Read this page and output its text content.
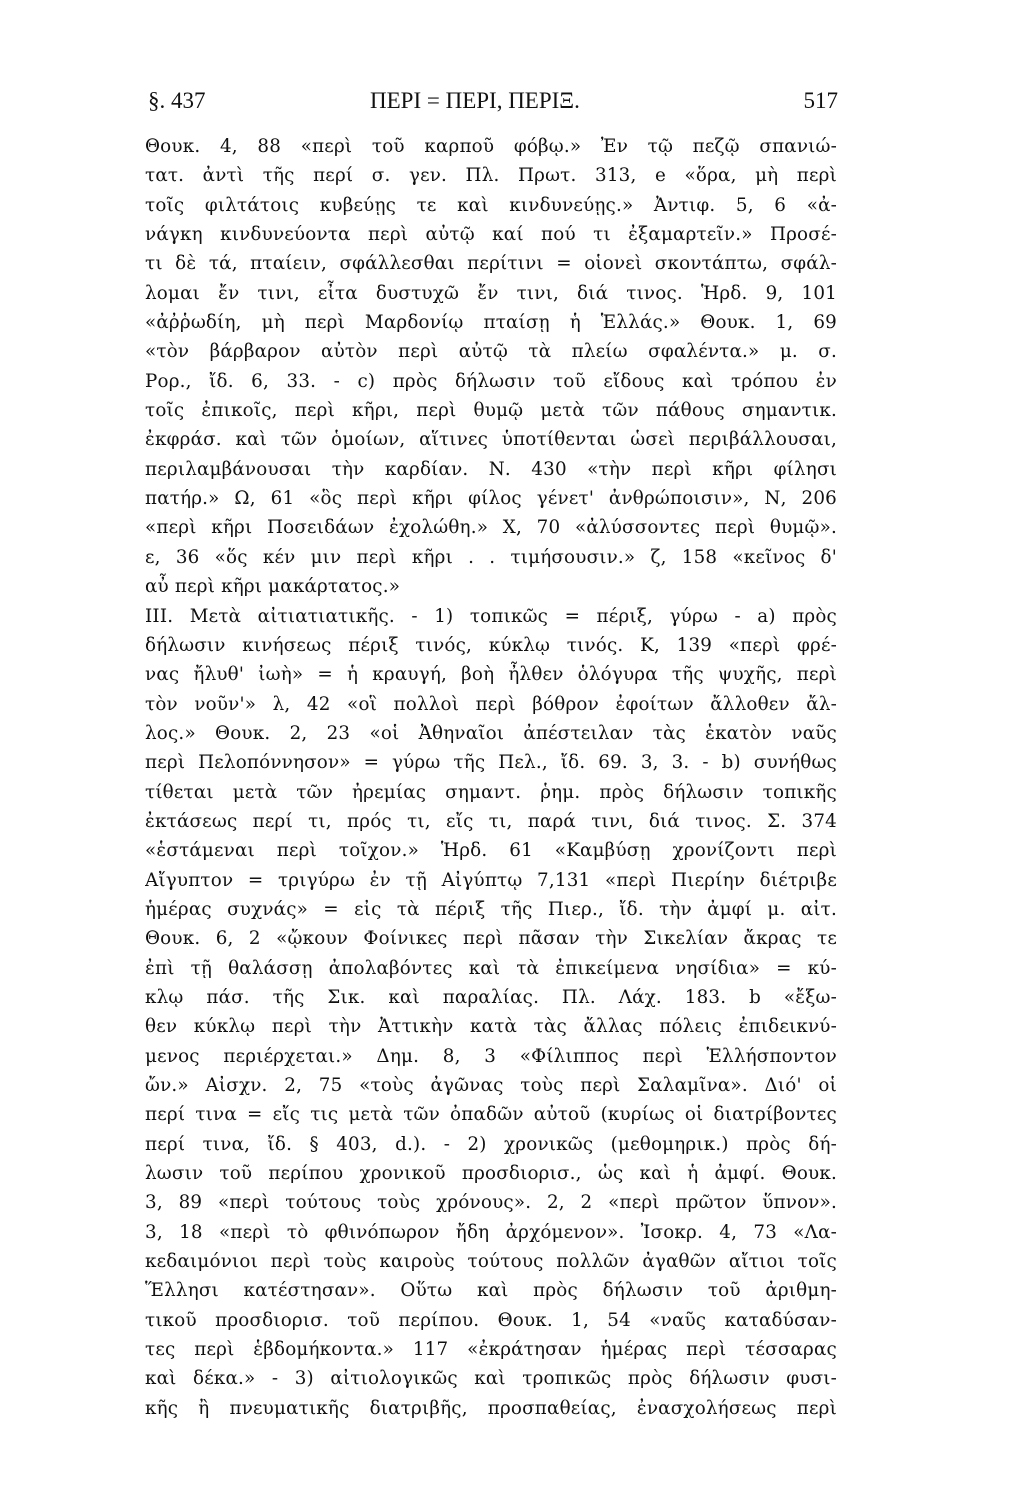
§. 437	ΠΕΡΙ = ΠΕΡΙ, ΠΕΡΙΞ.	517
Θουκ. 4, 88 «περὶ τοῦ καρποῦ φόβῳ.» Ἐν τῷ πεζῷ σπανιώ-
τατ. ἀντὶ τῆς περί σ. γεν. Πλ. Πρωτ. 313, e «ὅρα, μὴ περὶ
τοῖς φιλτάτοις κυβεύῃς τε καὶ κινδυνεύῃς.» Ἀντιφ. 5, 6 «ἀ-
νάγκη κινδυνεύοντα περὶ αὐτῷ καί πού τι ἐξαμαρτεῖν.» Προσέ-
τι δὲ τά, πταίειν, σφάλλεσθαι περίτινι = οἱονεὶ σκοντάπτω, σφάλ-
λομαι ἔν τινι, εἶτα δυστυχῶ ἔν τινι, διά τινος. Ἡρδ. 9, 101
«ἀῤῥωδίη, μὴ περὶ Μαρδονίῳ πταίσῃ ἡ Ἑλλάς.» Θουκ. 1, 69
«τὸν βάρβαρον αὐτὸν περὶ αὐτῷ τὰ πλείω σφαλέντα.» μ. σ.
Ρορ., ἴδ. 6, 33. - c) πρὸς δήλωσιν τοῦ εἴδους καὶ τρόπου ἐν
τοῖς ἐπικοῖς, περὶ κῆρι, περὶ θυμῷ μετὰ τῶν πάθους σημαντικ.
ἐκφράσ. καὶ τῶν ὁμοίων, αἵτινες ὑποτίθενται ὡσεὶ περιβάλλουσαι,
περιλαμβάνουσαι τὴν καρδίαν. Ν. 430 «τὴν περὶ κῆρι φίλησι
πατήρ.» Ω, 61 «ὃς περὶ κῆρι φίλος γένετ' ἀνθρώποισιν», Ν, 206
«περὶ κῆρι Ποσειδάων ἐχολώθη.» Χ, 70 «ἀλύσσοντες περὶ θυμῷ».
ε, 36 «ὅς κέν μιν περὶ κῆρι . . τιμήσουσιν.» ζ, 158 «κεῖνος δ'
αὖ περὶ κῆρι μακάρτατος.»
ΙΙΙ. Μετὰ αἰτιατιατικῆς. - 1) τοπικῶς = πέριξ, γύρω - a) πρὸς
δήλωσιν κινήσεως πέριξ τινός, κύκλῳ τινός. Κ, 139 «περὶ φρέ-
νας ἤλυθ' ἰωὴ» = ἡ κραυγή, βοὴ ἦλθεν ὁλόγυρα τῆς ψυχῆς, περὶ
τὸν νοῦν'» λ, 42 «οἳ πολλοὶ περὶ βόθρον ἐφοίτων ἄλλοθεν ἄλ-
λος.» Θουκ. 2, 23 «οἱ Ἀθηναῖοι ἀπέστειλαν τὰς ἑκατὸν ναῦς
περὶ Πελοπόννησον» = γύρω τῆς Πελ., ἴδ. 69. 3, 3. - b) συνήθως
τίθεται μετὰ τῶν ἠρεμίας σημαντ. ῥημ. πρὸς δήλωσιν τοπικῆς
ἐκτάσεως περί τι, πρός τι, εἴς τι, παρά τινι, διά τινος. Σ. 374
«ἑστάμεναι περὶ τοῖχον.» Ἡρδ. 61 «Καμβύσῃ χρονίζοντι περὶ
Αἴγυπτον = τριγύρω ἐν τῇ Αἰγύπτῳ 7,131 «περὶ Πιερίην διέτριβε
ἡμέρας συχνάς» = εἰς τὰ πέριξ τῆς Πιερ., ἴδ. τὴν ἀμφί μ. αἰτ.
Θουκ. 6, 2 «ᾤκουν Φοίνικες περὶ πᾶσαν τὴν Σικελίαν ἄκρας τε
ἐπὶ τῇ θαλάσσῃ ἀπολαβόντες καὶ τὰ ἐπικείμενα νησίδια» = κύ-
κλῳ πάσ. τῆς Σικ. καὶ παραλίας. Πλ. Λάχ. 183. b «ἔξω-
θεν κύκλῳ περὶ τὴν Ἀττικὴν κατὰ τὰς ἄλλας πόλεις ἐπιδεικνύ-
μενος περιέρχεται.» Δημ. 8, 3 «Φίλιππος περὶ Ἑλλήσποντον
ὤν.» Αἰσχν. 2, 75 «τοὺς ἀγῶνας τοὺς περὶ Σαλαμῖνα». Διό' οἱ
περί τινα = εἴς τις μετὰ τῶν ὀπαδῶν αὐτοῦ (κυρίως οἱ διατρίβοντες
περί τινα, ἴδ. § 403, d.). - 2) χρονικῶς (μεθομηρικ.) πρὸς δή-
λωσιν τοῦ περίπου χρονικοῦ προσδιορισ., ὡς καὶ ἡ ἀμφί. Θουκ.
3, 89 «περὶ τούτους τοὺς χρόνους». 2, 2 «περὶ πρῶτον ὕπνον».
3, 18 «περὶ τὸ φθινόπωρον ἤδη ἀρχόμενον». Ἰσοκρ. 4, 73 «Λα-
κεδαιμόνιοι περὶ τοὺς καιροὺς τούτους πολλῶν ἀγαθῶν αἴτιοι τοῖς
Ἕλλησι κατέστησαν». Οὕτω καὶ πρὸς δήλωσιν τοῦ ἀριθμη-
τικοῦ προσδιορισ. τοῦ περίπου. Θουκ. 1, 54 «ναῦς καταδύσαν-
τες περὶ ἑβδομήκοντα.» 117 «ἐκράτησαν ἡμέρας περὶ τέσσαρας
καὶ δέκα.» - 3) αἰτιολογικῶς καὶ τροπικῶς πρὸς δήλωσιν φυσι-
κῆς ἢ πνευματικῆς διατριβῆς, προσπαθείας, ἐνασχολήσεως περὶ
